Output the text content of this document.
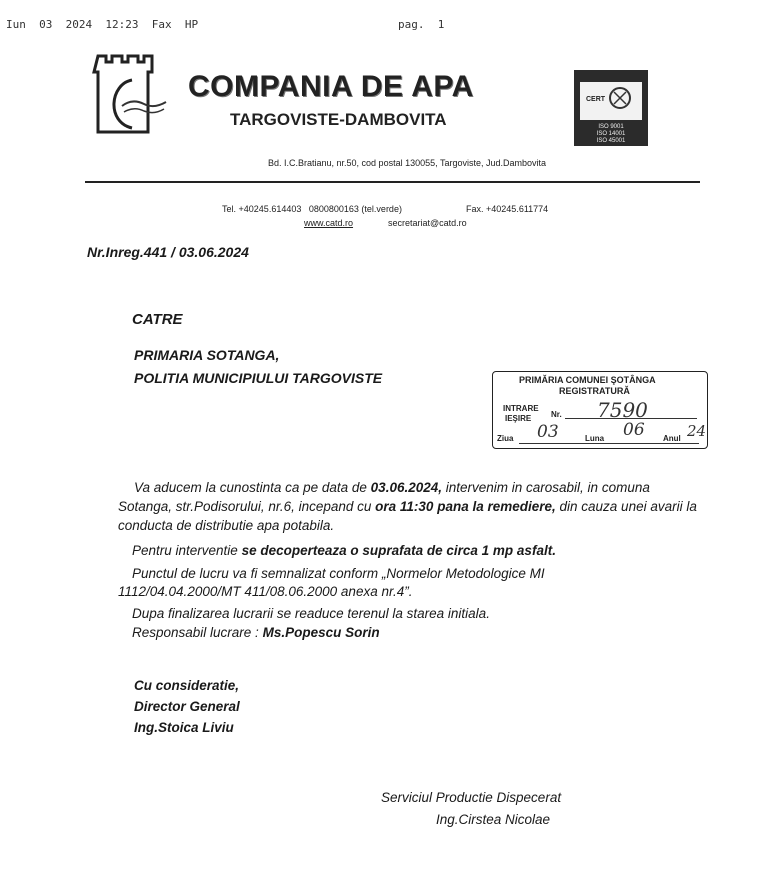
Iun 03 2024 12:23 Fax HP	pag. 1
COMPANIA DE APA
TARGOVISTE-DAMBOVITA
CERT
ISO 9001
ISO 14001
ISO 45001
Bd. I.C.Bratianu, nr.50, cod postal 130055, Targoviste, Jud.Dambovita
Tel. +40245.614403 0800800163 (tel.verde)	Fax. +40245.611774
www.catd.ro	secretariat@catd.ro
Nr.Inreg.441 / 03.06.2024
CATRE
PRIMARIA SOTANGA,
POLITIA MUNICIPIULUI TARGOVISTE	PRIMĂRIA COMUNEI ŞOTÂNGA
REGISTRATURĂ
INTRARE
IEŞIRE Nr. 7590
Ziua 03	Luna 06 Anul 24
Va aducem la cunostinta ca pe data de 03.06.2024, intervenim in carosabil, in comuna Sotanga, str.Podisorului, nr.6, incepand cu ora 11:30 pana la remediere, din cauza unei avarii la conducta de distributie apa potabila.
Pentru interventie se decoperteaza o suprafata de circa 1 mp asfalt.
Punctul de lucru va fi semnalizat conform „Normelor Metodologice MI
1112/04.04.2000/MT 411/08.06.2000 anexa nr.4”.
Dupa finalizarea lucrarii se readuce terenul la starea initiala.
Responsabil lucrare : Ms.Popescu Sorin
Cu consideratie,
Director General
Ing.Stoica Liviu
Serviciul Productie Dispecerat
Ing.Cirstea Nicolae
